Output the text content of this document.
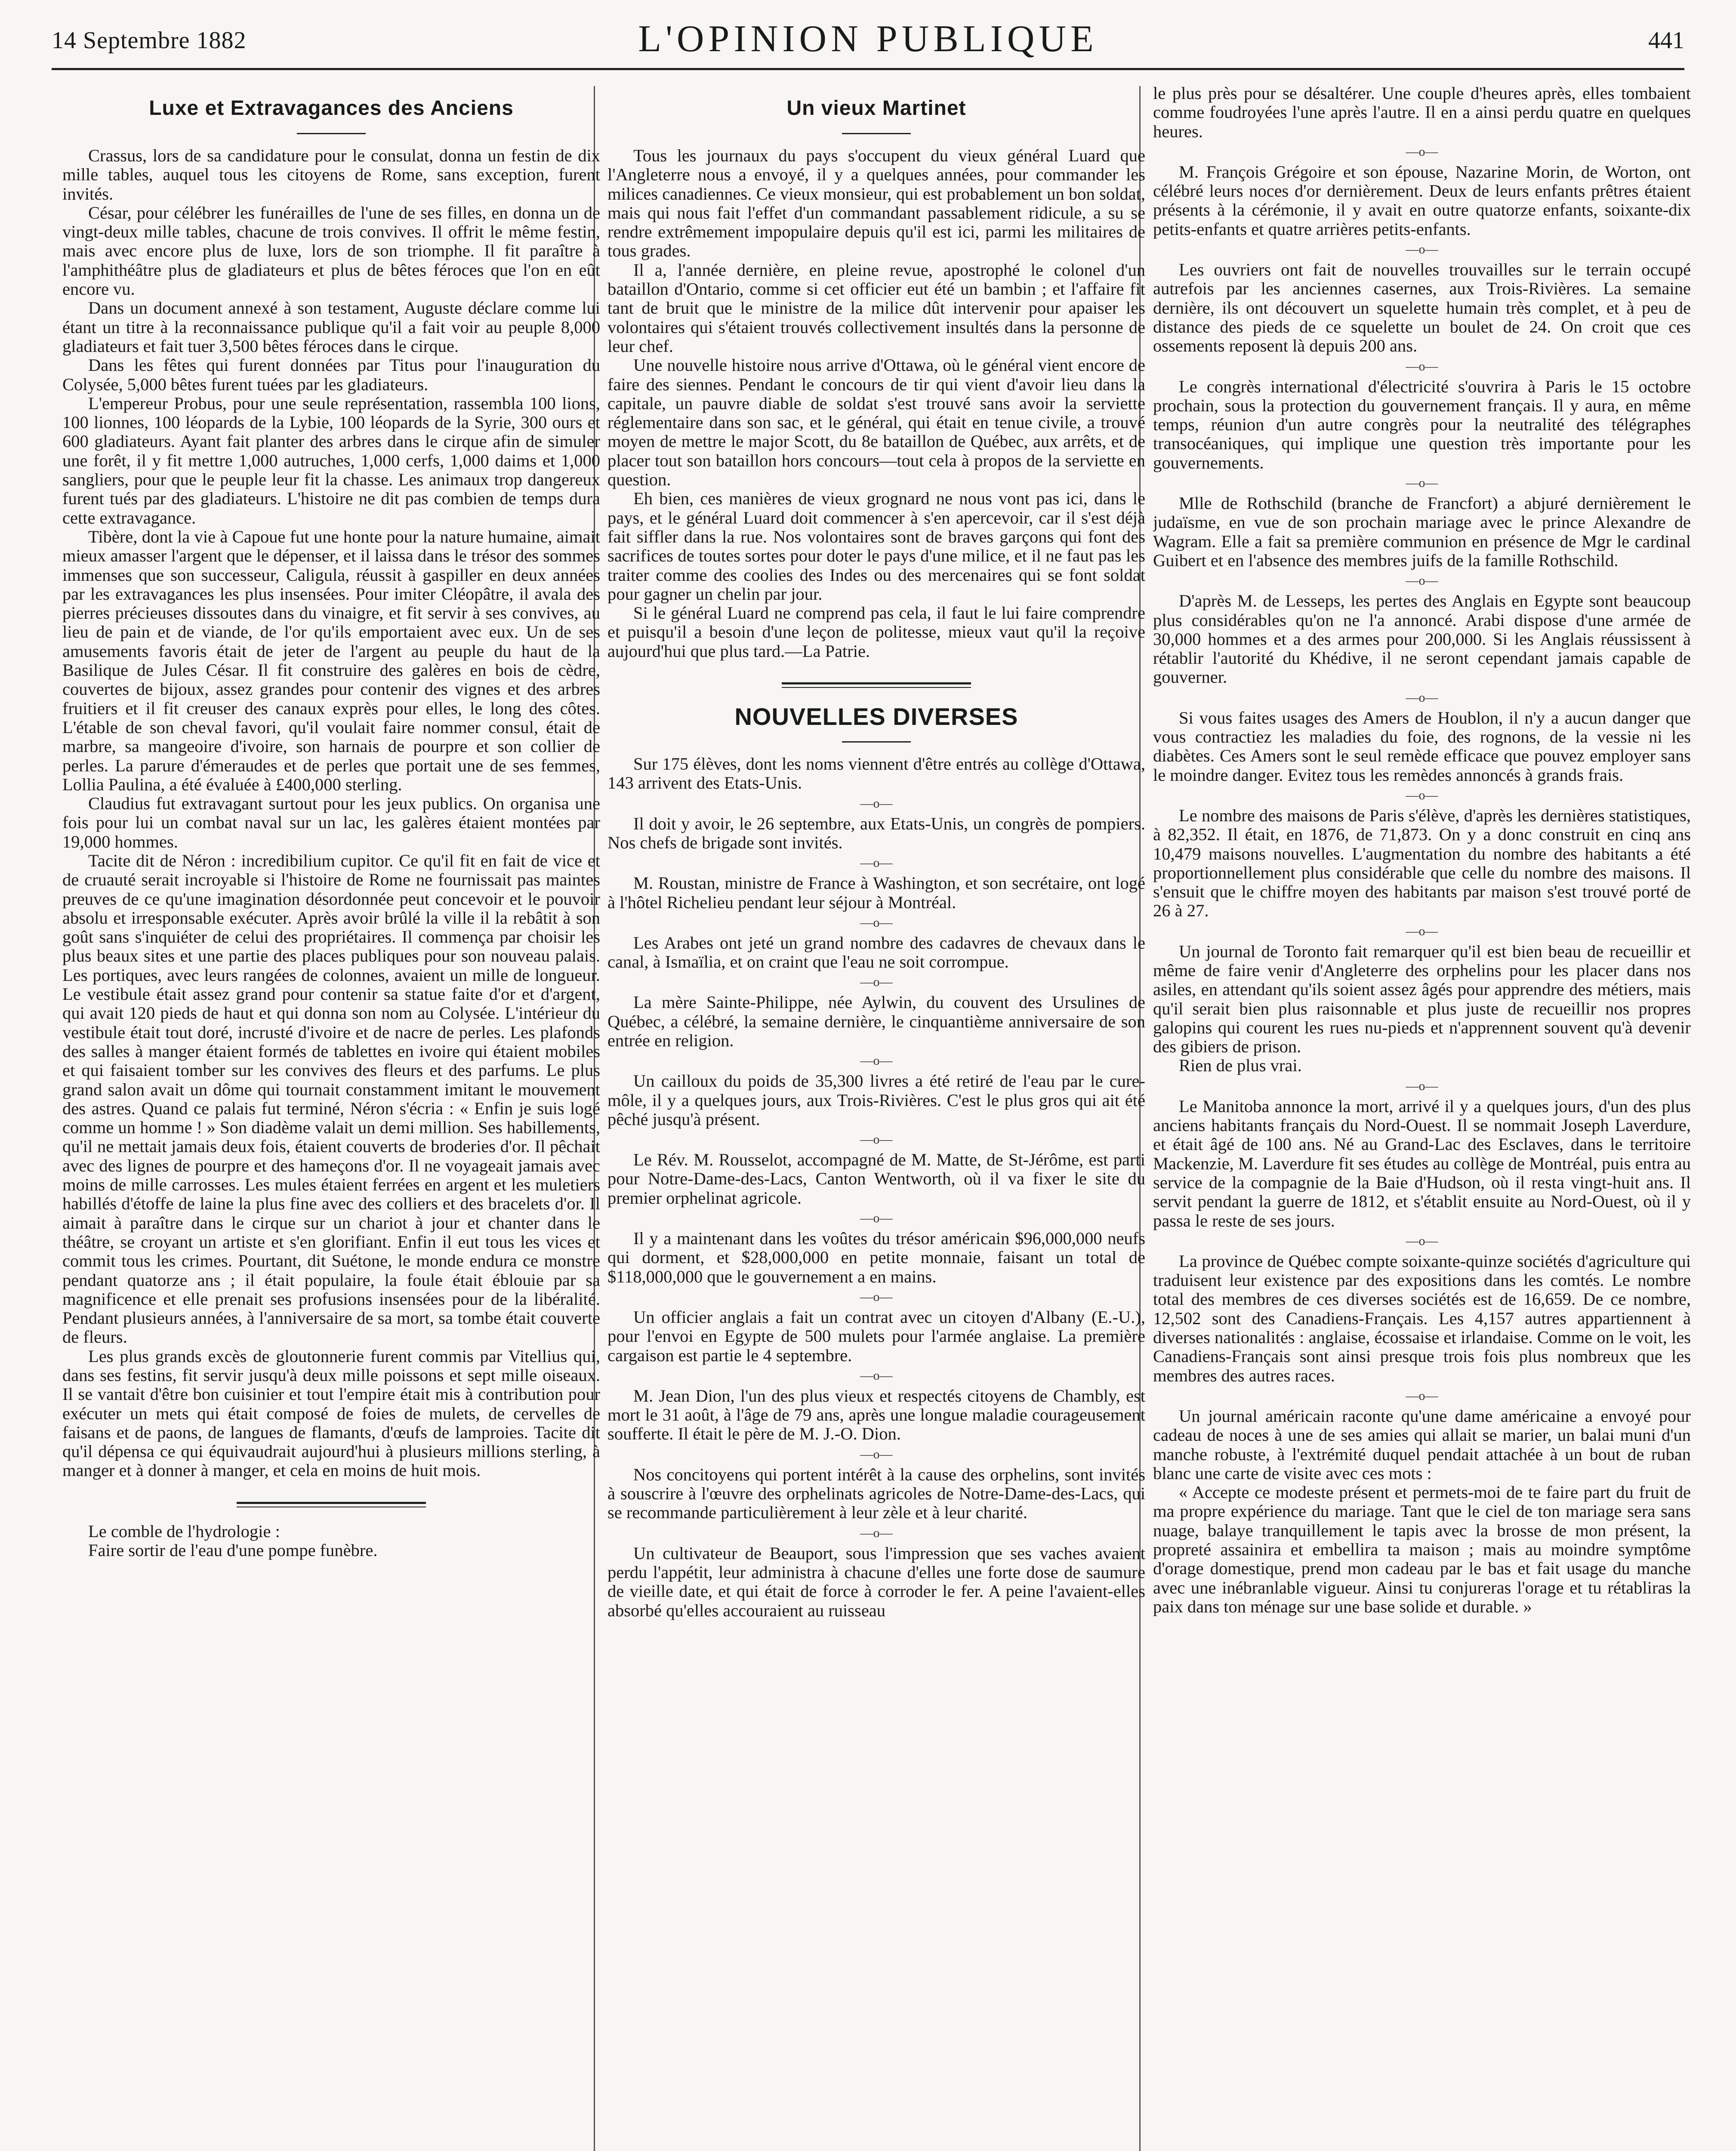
14 Septembre 1882	L'OPINION PUBLIQUE	441
Luxe et Extravagances des Anciens

Crassus, lors de sa candidature pour le consulat, donna un festin de dix mille tables, auquel tous les citoyens de Rome, sans exception, furent invités.

César, pour célébrer les funérailles de l'une de ses filles, en donna un de vingt-deux mille tables, chacune de trois convives. Il offrit le même festin, mais avec encore plus de luxe, lors de son triomphe. Il fit paraître à l'amphithéâtre plus de gladiateurs et plus de bêtes féroces que l'on en eût encore vu.

Dans un document annexé à son testament, Auguste déclare comme lui étant un titre à la reconnaissance publique qu'il a fait voir au peuple 8,000 gladiateurs et fait tuer 3,500 bêtes féroces dans le cirque.

Dans les fêtes qui furent données par Titus pour l'inauguration du Colysée, 5,000 bêtes furent tuées par les gladiateurs.

L'empereur Probus, pour une seule représentation, rassembla 100 lions, 100 lionnes, 100 léopards de la Lybie, 100 léopards de la Syrie, 300 ours et 600 gladiateurs. Ayant fait planter des arbres dans le cirque afin de simuler une forêt, il y fit mettre 1,000 autruches, 1,000 cerfs, 1,000 daims et 1,000 sangliers, pour que le peuple leur fit la chasse. Les animaux trop dangereux furent tués par des gladiateurs. L'histoire ne dit pas combien de temps dura cette extravagance.

Tibère, dont la vie à Capoue fut une honte pour la nature humaine, aimait mieux amasser l'argent que le dépenser, et il laissa dans le trésor des sommes immenses que son successeur, Caligula, réussit à gaspiller en deux années par les extravagances les plus insensées. Pour imiter Cléopâtre, il avala des pierres précieuses dissoutes dans du vinaigre, et fit servir à ses convives, au lieu de pain et de viande, de l'or qu'ils emportaient avec eux. Un de ses amusements favoris était de jeter de l'argent au peuple du haut de la Basilique de Jules César. Il fit construire des galères en bois de cèdre, couvertes de bijoux, assez grandes pour contenir des vignes et des arbres fruitiers et il fit creuser des canaux exprès pour elles, le long des côtes. L'étable de son cheval favori, qu'il voulait faire nommer consul, était de marbre, sa mangeoire d'ivoire, son harnais de pourpre et son collier de perles. La parure d'émeraudes et de perles que portait une de ses femmes, Lollia Paulina, a été évaluée à £400,000 sterling.

Claudius fut extravagant surtout pour les jeux publics. On organisa une fois pour lui un combat naval sur un lac, les galères étaient montées par 19,000 hommes.

Tacite dit de Néron : incredibilium cupitor. Ce qu'il fit en fait de vice et de cruauté serait incroyable si l'histoire de Rome ne fournissait pas maintes preuves de ce qu'une imagination désordonnée peut concevoir et le pouvoir absolu et irresponsable exécuter. Après avoir brûlé la ville il la rebâtit à son goût sans s'inquiéter de celui des propriétaires. Il commença par choisir les plus beaux sites et une partie des places publiques pour son nouveau palais. Les portiques, avec leurs rangées de colonnes, avaient un mille de longueur. Le vestibule était assez grand pour contenir sa statue faite d'or et d'argent, qui avait 120 pieds de haut et qui donna son nom au Colysée. L'intérieur du vestibule était tout doré, incrusté d'ivoire et de nacre de perles. Les plafonds des salles à manger étaient formés de tablettes en ivoire qui étaient mobiles et qui faisaient tomber sur les convives des fleurs et des parfums. Le plus grand salon avait un dôme qui tournait constamment imitant le mouvement des astres. Quand ce palais fut terminé, Néron s'écria : « Enfin je suis logé comme un homme ! » Son diadème valait un demi million. Ses habillements, qu'il ne mettait jamais deux fois, étaient couverts de broderies d'or. Il pêchait avec des lignes de pourpre et des hameçons d'or. Il ne voyageait jamais avec moins de mille carrosses. Les mules étaient ferrées en argent et les muletiers habillés d'étoffe de laine la plus fine avec des colliers et des bracelets d'or. Il aimait à paraître dans le cirque sur un chariot à jour et chanter dans le théâtre, se croyant un artiste et s'en glorifiant. Enfin il eut tous les vices et commit tous les crimes. Pourtant, dit Suétone, le monde endura ce monstre pendant quatorze ans ; il était populaire, la foule était éblouie par sa magnificence et elle prenait ses profusions insensées pour de la libéralité. Pendant plusieurs années, à l'anniversaire de sa mort, sa tombe était couverte de fleurs.

Les plus grands excès de gloutonnerie furent commis par Vitellius qui, dans ses festins, fit servir jusqu'à deux mille poissons et sept mille oiseaux. Il se vantait d'être bon cuisinier et tout l'empire était mis à contribution pour exécuter un mets qui était composé de foies de mulets, de cervelles de faisans et de paons, de langues de flamants, d'œufs de lamproies. Tacite dit qu'il dépensa ce qui équivaudrait aujourd'hui à plusieurs millions sterling, à manger et à donner à manger, et cela en moins de huit mois.

Le comble de l'hydrologie :

Faire sortir de l'eau d'une pompe funèbre.

Un vieux Martinet

Tous les journaux du pays s'occupent du vieux général Luard que l'Angleterre nous a envoyé, il y a quelques années, pour commander les milices canadiennes. Ce vieux monsieur, qui est probablement un bon soldat, mais qui nous fait l'effet d'un commandant passablement ridicule, a su se rendre extrêmement impopulaire depuis qu'il est ici, parmi les militaires de tous grades.

Il a, l'année dernière, en pleine revue, apostrophé le colonel d'un bataillon d'Ontario, comme si cet officier eut été un bambin ; et l'affaire fit tant de bruit que le ministre de la milice dût intervenir pour apaiser les volontaires qui s'étaient trouvés collectivement insultés dans la personne de leur chef.

Une nouvelle histoire nous arrive d'Ottawa, où le général vient encore de faire des siennes. Pendant le concours de tir qui vient d'avoir lieu dans la capitale, un pauvre diable de soldat s'est trouvé sans avoir la serviette réglementaire dans son sac, et le général, qui était en tenue civile, a trouvé moyen de mettre le major Scott, du 8e bataillon de Québec, aux arrêts, et de placer tout son bataillon hors concours—tout cela à propos de la serviette en question.

Eh bien, ces manières de vieux grognard ne nous vont pas ici, dans le pays, et le général Luard doit commencer à s'en apercevoir, car il s'est déjà fait siffler dans la rue. Nos volontaires sont de braves garçons qui font des sacrifices de toutes sortes pour doter le pays d'une milice, et il ne faut pas les traiter comme des coolies des Indes ou des mercenaires qui se font soldat pour gagner un chelin par jour.

Si le général Luard ne comprend pas cela, il faut le lui faire comprendre et puisqu'il a besoin d'une leçon de politesse, mieux vaut qu'il la reçoive aujourd'hui que plus tard.—La Patrie.

NOUVELLES DIVERSES

Sur 175 élèves, dont les noms viennent d'être entrés au collège d'Ottawa, 143 arrivent des Etats-Unis.

—o—

Il doit y avoir, le 26 septembre, aux Etats-Unis, un congrès de pompiers. Nos chefs de brigade sont invités.

—o—

M. Roustan, ministre de France à Washington, et son secrétaire, ont logé à l'hôtel Richelieu pendant leur séjour à Montréal.

—o—

Les Arabes ont jeté un grand nombre des cadavres de chevaux dans le canal, à Ismaïlia, et on craint que l'eau ne soit corrompue.

—o—

La mère Sainte-Philippe, née Aylwin, du couvent des Ursulines de Québec, a célébré, la semaine dernière, le cinquantième anniversaire de son entrée en religion.

—o—

Un cailloux du poids de 35,300 livres a été retiré de l'eau par le cure-môle, il y a quelques jours, aux Trois-Rivières. C'est le plus gros qui ait été pêché jusqu'à présent.

—o—

Le Rév. M. Rousselot, accompagné de M. Matte, de St-Jérôme, est parti pour Notre-Dame-des-Lacs, Canton Wentworth, où il va fixer le site du premier orphelinat agricole.

—o—

Il y a maintenant dans les voûtes du trésor américain $96,000,000 neufs qui dorment, et $28,000,000 en petite monnaie, faisant un total de $118,000,000 que le gouvernement a en mains.

—o—

Un officier anglais a fait un contrat avec un citoyen d'Albany (E.-U.), pour l'envoi en Egypte de 500 mulets pour l'armée anglaise. La première cargaison est partie le 4 septembre.

—o—

M. Jean Dion, l'un des plus vieux et respectés citoyens de Chambly, est mort le 31 août, à l'âge de 79 ans, après une longue maladie courageusement soufferte. Il était le père de M. J.-O. Dion.

—o—

Nos concitoyens qui portent intérêt à la cause des orphelins, sont invités à souscrire à l'œuvre des orphelinats agricoles de Notre-Dame-des-Lacs, qui se recommande particulièrement à leur zèle et à leur charité.

—o—

Un cultivateur de Beauport, sous l'impression que ses vaches avaient perdu l'appétit, leur administra à chacune d'elles une forte dose de saumure de vieille date, et qui était de force à corroder le fer. A peine l'avaient-elles absorbé qu'elles accouraient au ruisseau

le plus près pour se désaltérer. Une couple d'heures après, elles tombaient comme foudroyées l'une après l'autre. Il en a ainsi perdu quatre en quelques heures.

—o—

M. François Grégoire et son épouse, Nazarine Morin, de Worton, ont célébré leurs noces d'or dernièrement. Deux de leurs enfants prêtres étaient présents à la cérémonie, il y avait en outre quatorze enfants, soixante-dix petits-enfants et quatre arrières petits-enfants.

—o—

Les ouvriers ont fait de nouvelles trouvailles sur le terrain occupé autrefois par les anciennes casernes, aux Trois-Rivières. La semaine dernière, ils ont découvert un squelette humain très complet, et à peu de distance des pieds de ce squelette un boulet de 24. On croit que ces ossements reposent là depuis 200 ans.

—o—

Le congrès international d'électricité s'ouvrira à Paris le 15 octobre prochain, sous la protection du gouvernement français. Il y aura, en même temps, réunion d'un autre congrès pour la neutralité des télégraphes transocéaniques, qui implique une question très importante pour les gouvernements.

—o—

Mlle de Rothschild (branche de Francfort) a abjuré dernièrement le judaïsme, en vue de son prochain mariage avec le prince Alexandre de Wagram. Elle a fait sa première communion en présence de Mgr le cardinal Guibert et en l'absence des membres juifs de la famille Rothschild.

—o—

D'après M. de Lesseps, les pertes des Anglais en Egypte sont beaucoup plus considérables qu'on ne l'a annoncé. Arabi dispose d'une armée de 30,000 hommes et a des armes pour 200,000. Si les Anglais réussissent à rétablir l'autorité du Khédive, il ne seront cependant jamais capable de gouverner.

—o—

Si vous faites usages des Amers de Houblon, il n'y a aucun danger que vous contractiez les maladies du foie, des rognons, de la vessie ni les diabètes. Ces Amers sont le seul remède efficace que pouvez employer sans le moindre danger. Evitez tous les remèdes annoncés à grands frais.

—o—

Le nombre des maisons de Paris s'élève, d'après les dernières statistiques, à 82,352. Il était, en 1876, de 71,873. On y a donc construit en cinq ans 10,479 maisons nouvelles. L'augmentation du nombre des habitants a été proportionnellement plus considérable que celle du nombre des maisons. Il s'ensuit que le chiffre moyen des habitants par maison s'est trouvé porté de 26 à 27.

—o—

Un journal de Toronto fait remarquer qu'il est bien beau de recueillir et même de faire venir d'Angleterre des orphelins pour les placer dans nos asiles, en attendant qu'ils soient assez âgés pour apprendre des métiers, mais qu'il serait bien plus raisonnable et plus juste de recueillir nos propres galopins qui courent les rues nu-pieds et n'apprennent souvent qu'à devenir des gibiers de prison.

Rien de plus vrai.

—o—

Le Manitoba annonce la mort, arrivé il y a quelques jours, d'un des plus anciens habitants français du Nord-Ouest. Il se nommait Joseph Laverdure, et était âgé de 100 ans. Né au Grand-Lac des Esclaves, dans le territoire Mackenzie, M. Laverdure fit ses études au collège de Montréal, puis entra au service de la compagnie de la Baie d'Hudson, où il resta vingt-huit ans. Il servit pendant la guerre de 1812, et s'établit ensuite au Nord-Ouest, où il y passa le reste de ses jours.

—o—

La province de Québec compte soixante-quinze sociétés d'agriculture qui traduisent leur existence par des expositions dans les comtés. Le nombre total des membres de ces diverses sociétés est de 16,659. De ce nombre, 12,502 sont des Canadiens-Français. Les 4,157 autres appartiennent à diverses nationalités : anglaise, écossaise et irlandaise. Comme on le voit, les Canadiens-Français sont ainsi presque trois fois plus nombreux que les membres des autres races.

—o—

Un journal américain raconte qu'une dame américaine a envoyé pour cadeau de noces à une de ses amies qui allait se marier, un balai muni d'un manche robuste, à l'extrémité duquel pendait attachée à un bout de ruban blanc une carte de visite avec ces mots :

« Accepte ce modeste présent et permets-moi de te faire part du fruit de ma propre expérience du mariage. Tant que le ciel de ton mariage sera sans nuage, balaye tranquillement le tapis avec la brosse de mon présent, la propreté assainira et embellira ta maison ; mais au moindre symptôme d'orage domestique, prend mon cadeau par le bas et fait usage du manche avec une inébranlable vigueur. Ainsi tu conjureras l'orage et tu rétabliras la paix dans ton ménage sur une base solide et durable. »
